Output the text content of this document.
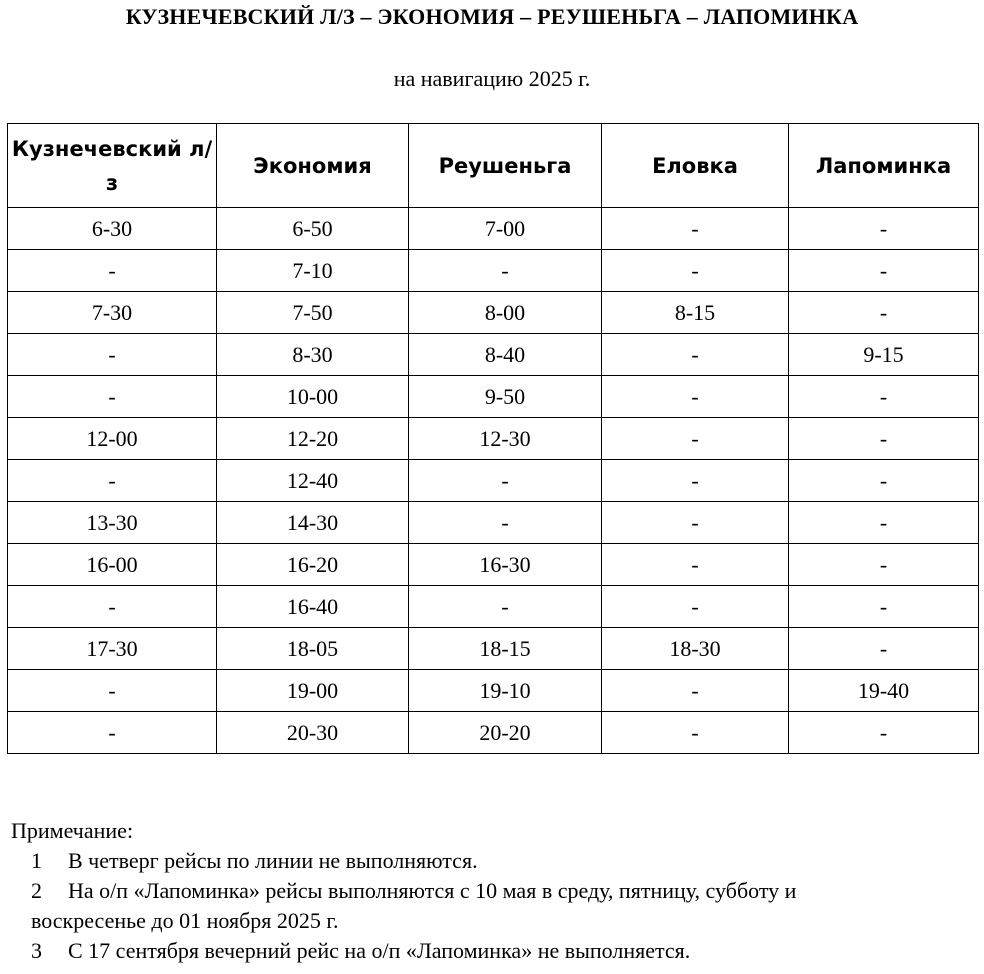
КУЗНЕЧЕВСКИЙ Л/З – ЭКОНОМИЯ – РЕУШЕНЬГА – ЛАПОМИНКА
на навигацию 2025 г.
Кузнечевский л/з	Экономия	Реушеньга	Еловка	Лапоминка
6-30	6-50	7-00	-	-
-	7-10	-	-	-
7-30	7-50	8-00	8-15	-
-	8-30	8-40	-	9-15
-	10-00	9-50	-	-
12-00	12-20	12-30	-	-
-	12-40	-	-	-
13-30	14-30	-	-	-
16-00	16-20	16-30	-	-
-	16-40	-	-	-
17-30	18-05	18-15	18-30	-
-	19-00	19-10	-	19-40
-	20-30	20-20	-	-
Примечание:
1 В четверг рейсы по линии не выполняются.
2 На о/п «Лапоминка» рейсы выполняются с 10 мая в среду, пятницу, субботу и
воскресенье до 01 ноября 2025 г.
3 С 17 сентября вечерний рейс на о/п «Лапоминка» не выполняется.
